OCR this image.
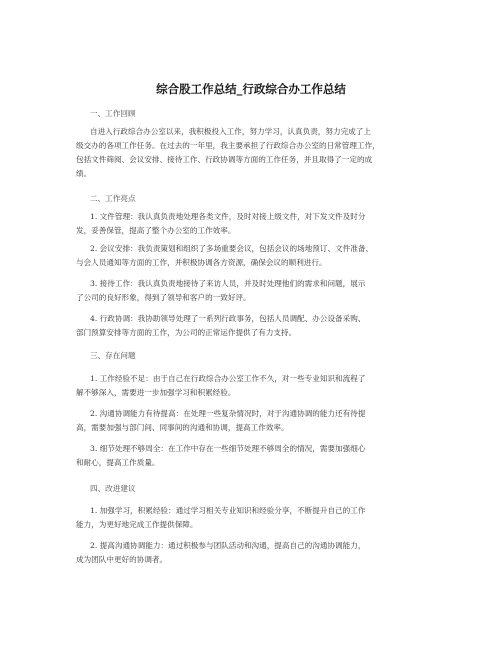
综合股工作总结_行政综合办工作总结
一、工作回顾
自进入行政综合办公室以来，我积极投入工作，努力学习，认真负责，努力完成了上
级交办的各项工作任务。在过去的一年里，我主要承担了行政综合办公室的日常管理工作，
包括文件筛阅、会议安排、接待工作、行政协调等方面的工作任务，并且取得了一定的成
绩。
二、工作亮点
1. 文件管理：我认真负责地处理各类文件，及时对接上级文件，对下发文件及时分
发，妥善保管，提高了整个办公室的工作效率。
2. 会议安排：我负责策划和组织了多场重要会议，包括会议的场地预订、文件准备、
与会人员通知等方面的工作，并积极协调各方资源，确保会议的顺利进行。
3. 接待工作：我认真负责地接待了来访人员，并及时处理他们的需求和问题，展示
了公司的良好形象，得到了领导和客户的一致好评。
4. 行政协调：我协助领导处理了一系列行政事务，包括人员调配、办公设备采购、
部门预算安排等方面的工作，为公司的正常运作提供了有力支持。
三、存在问题
1. 工作经验不足：由于自己在行政综合办公室工作不久，对一些专业知识和流程了
解不够深入，需要进一步加强学习和积累经验。
2. 沟通协调能力有待提高：在处理一些复杂情况时，对于沟通协调的能力还有待提
高，需要加强与部门间、同事间的沟通和协调，提高工作效率。
3. 细节处理不够周全：在工作中存在一些细节处理不够周全的情况，需要加强细心
和耐心，提高工作质量。
四、改进建议
1. 加强学习，积累经验：通过学习相关专业知识和经验分享，不断提升自己的工作
能力，为更好地完成工作提供保障。
2. 提高沟通协调能力：通过积极参与团队活动和沟通，提高自己的沟通协调能力，
成为团队中更好的协调者。
